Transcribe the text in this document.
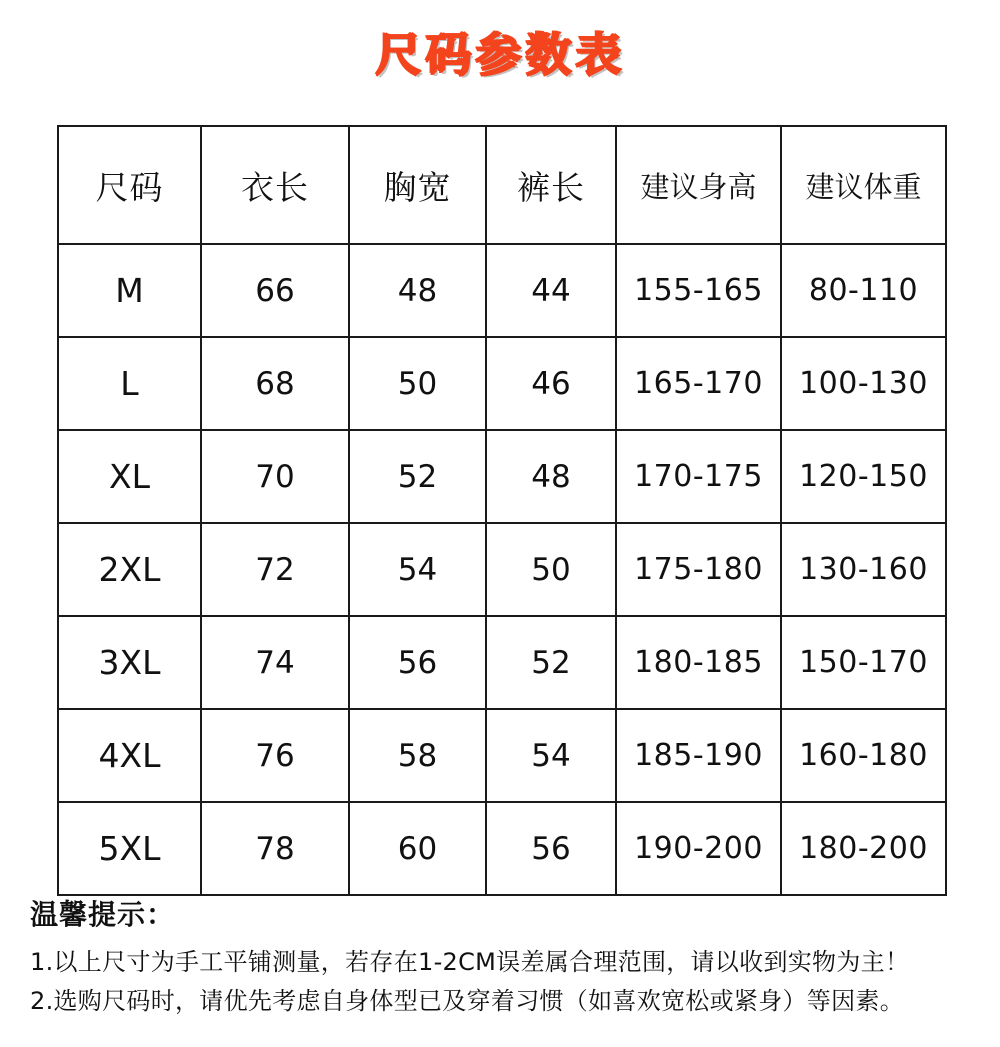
尺码参数表
尺码	衣长	胸宽	裤长	建议身高	建议体重
M	66	48	44	155-165	80-110
L	68	50	46	165-170	100-130
XL	70	52	48	170-175	120-150
2XL	72	54	50	175-180	130-160
3XL	74	56	52	180-185	150-170
4XL	76	58	54	185-190	160-180
5XL	78	60	56	190-200	180-200
温馨提示：
1.以上尺寸为手工平铺测量，若存在1-2CM误差属合理范围，请以收到实物为主！
2.选购尺码时，请优先考虑自身体型已及穿着习惯（如喜欢宽松或紧身）等因素。
